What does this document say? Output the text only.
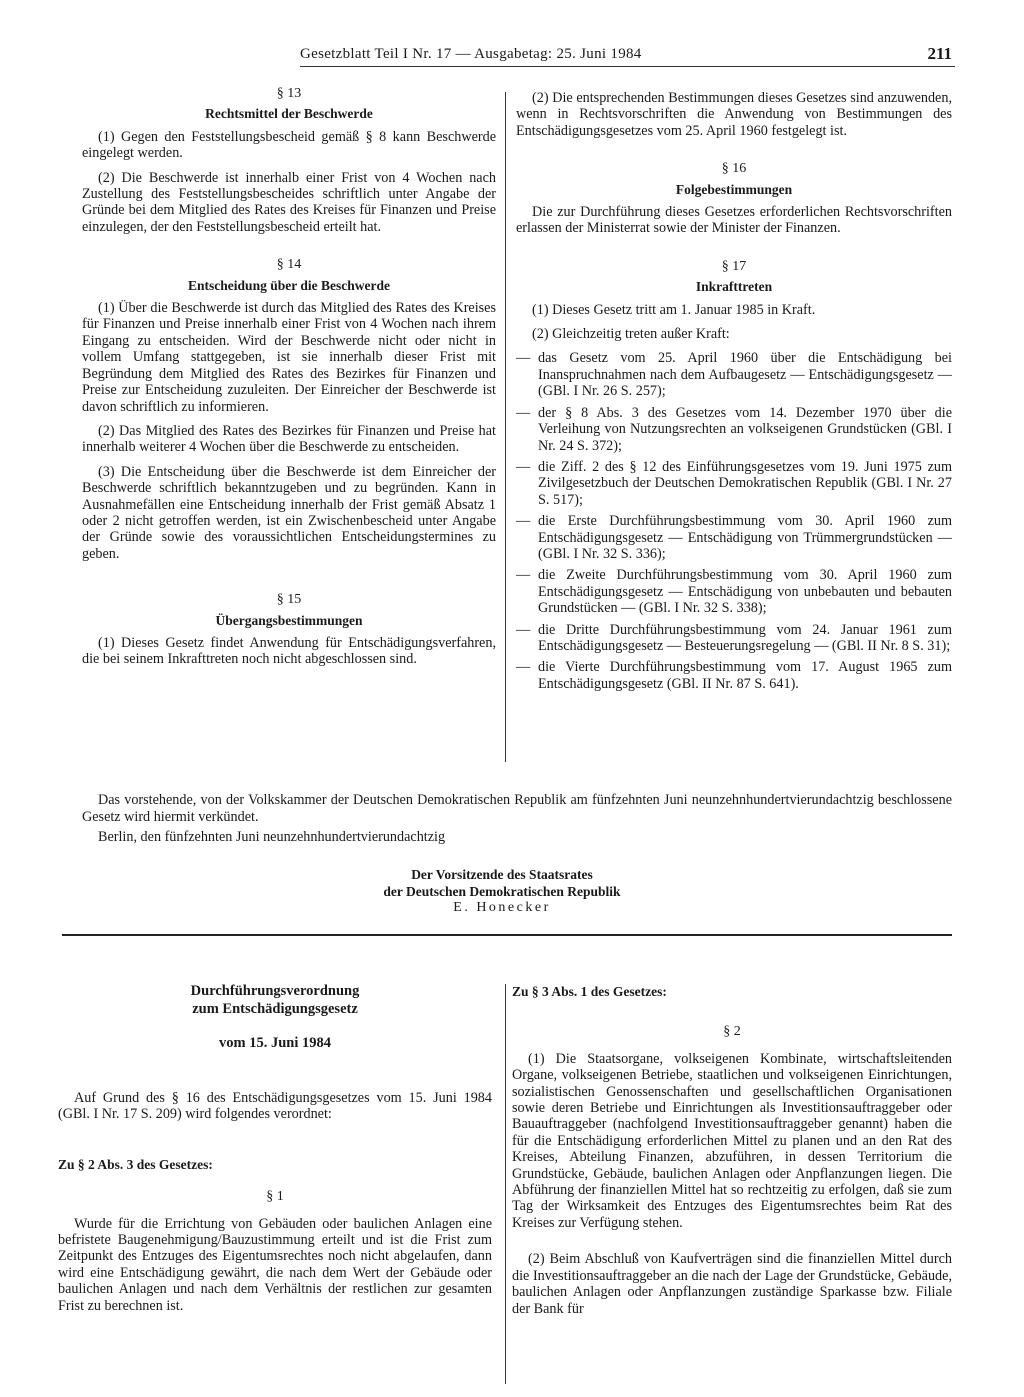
Gesetzblatt Teil I Nr. 17 — Ausgabetag: 25. Juni 1984	211
§ 13
Rechtsmittel der Beschwerde

(1) Gegen den Feststellungsbescheid gemäß § 8 kann Beschwerde eingelegt werden.

(2) Die Beschwerde ist innerhalb einer Frist von 4 Wochen nach Zustellung des Feststellungsbescheides schriftlich unter Angabe der Gründe bei dem Mitglied des Rates des Kreises für Finanzen und Preise einzulegen, der den Feststellungsbescheid erteilt hat.

§ 14
Entscheidung über die Beschwerde

(1) Über die Beschwerde ist durch das Mitglied des Rates des Kreises für Finanzen und Preise innerhalb einer Frist von 4 Wochen nach ihrem Eingang zu entscheiden. Wird der Beschwerde nicht oder nicht in vollem Umfang stattgegeben, ist sie innerhalb dieser Frist mit Begründung dem Mitglied des Rates des Bezirkes für Finanzen und Preise zur Entscheidung zuzuleiten. Der Einreicher der Beschwerde ist davon schriftlich zu informieren.

(2) Das Mitglied des Rates des Bezirkes für Finanzen und Preise hat innerhalb weiterer 4 Wochen über die Beschwerde zu entscheiden.

(3) Die Entscheidung über die Beschwerde ist dem Einreicher der Beschwerde schriftlich bekanntzugeben und zu begründen. Kann in Ausnahmefällen eine Entscheidung innerhalb der Frist gemäß Absatz 1 oder 2 nicht getroffen werden, ist ein Zwischenbescheid unter Angabe der Gründe sowie des voraussichtlichen Entscheidungstermines zu geben.

§ 15
Übergangsbestimmungen

(1) Dieses Gesetz findet Anwendung für Entschädigungsverfahren, die bei seinem Inkrafttreten noch nicht abgeschlossen sind.

(2) Die entsprechenden Bestimmungen dieses Gesetzes sind anzuwenden, wenn in Rechtsvorschriften die Anwendung von Bestimmungen des Entschädigungsgesetzes vom 25. April 1960 festgelegt ist.

§ 16
Folgebestimmungen

Die zur Durchführung dieses Gesetzes erforderlichen Rechtsvorschriften erlassen der Ministerrat sowie der Minister der Finanzen.

§ 17
Inkrafttreten

(1) Dieses Gesetz tritt am 1. Januar 1985 in Kraft.

(2) Gleichzeitig treten außer Kraft:

— das Gesetz vom 25. April 1960 über die Entschädigung bei Inanspruchnahmen nach dem Aufbaugesetz — Entschädigungsgesetz — (GBl. I Nr. 26 S. 257);
— der § 8 Abs. 3 des Gesetzes vom 14. Dezember 1970 über die Verleihung von Nutzungsrechten an volkseigenen Grundstücken (GBl. I Nr. 24 S. 372);
— die Ziff. 2 des § 12 des Einführungsgesetzes vom 19. Juni 1975 zum Zivilgesetzbuch der Deutschen Demokratischen Republik (GBl. I Nr. 27 S. 517);
— die Erste Durchführungsbestimmung vom 30. April 1960 zum Entschädigungsgesetz — Entschädigung von Trümmergrundstücken — (GBl. I Nr. 32 S. 336);
— die Zweite Durchführungsbestimmung vom 30. April 1960 zum Entschädigungsgesetz — Entschädigung von unbebauten und bebauten Grundstücken — (GBl. I Nr. 32 S. 338);
— die Dritte Durchführungsbestimmung vom 24. Januar 1961 zum Entschädigungsgesetz — Besteuerungsregelung — (GBl. II Nr. 8 S. 31);
— die Vierte Durchführungsbestimmung vom 17. August 1965 zum Entschädigungsgesetz (GBl. II Nr. 87 S. 641).

Das vorstehende, von der Volkskammer der Deutschen Demokratischen Republik am fünfzehnten Juni neunzehnhundertvierundachtzig beschlossene Gesetz wird hiermit verkündet.

Berlin, den fünfzehnten Juni neunzehnhundertvierundachtzig

Der Vorsitzende des Staatsrates
der Deutschen Demokratischen Republik
E. Honecker
Durchführungsverordnung
zum Entschädigungsgesetz
vom 15. Juni 1984

Auf Grund des § 16 des Entschädigungsgesetzes vom 15. Juni 1984 (GBl. I Nr. 17 S. 209) wird folgendes verordnet:

Zu § 2 Abs. 3 des Gesetzes:
§ 1

Wurde für die Errichtung von Gebäuden oder baulichen Anlagen eine befristete Baugenehmigung/Bauzustimmung erteilt und ist die Frist zum Zeitpunkt des Entzuges des Eigentumsrechtes noch nicht abgelaufen, dann wird eine Entschädigung gewährt, die nach dem Wert der Gebäude oder baulichen Anlagen und nach dem Verhältnis der restlichen zur gesamten Frist zu berechnen ist.

Zu § 3 Abs. 1 des Gesetzes:
§ 2

(1) Die Staatsorgane, volkseigenen Kombinate, wirtschaftsleitenden Organe, volkseigenen Betriebe, staatlichen und volkseigenen Einrichtungen, sozialistischen Genossenschaften und gesellschaftlichen Organisationen sowie deren Betriebe und Einrichtungen als Investitionsauftraggeber oder Bauauftraggeber (nachfolgend Investitionsauftraggeber genannt) haben die für die Entschädigung erforderlichen Mittel zu planen und an den Rat des Kreises, Abteilung Finanzen, abzuführen, in dessen Territorium die Grundstücke, Gebäude, baulichen Anlagen oder Anpflanzungen liegen. Die Abführung der finanziellen Mittel hat so rechtzeitig zu erfolgen, daß sie zum Tag der Wirksamkeit des Entzuges des Eigentumsrechtes beim Rat des Kreises zur Verfügung stehen.

(2) Beim Abschluß von Kaufverträgen sind die finanziellen Mittel durch die Investitionsauftraggeber an die nach der Lage der Grundstücke, Gebäude, baulichen Anlagen oder Anpflanzungen zuständige Sparkasse bzw. Filiale der Bank für
